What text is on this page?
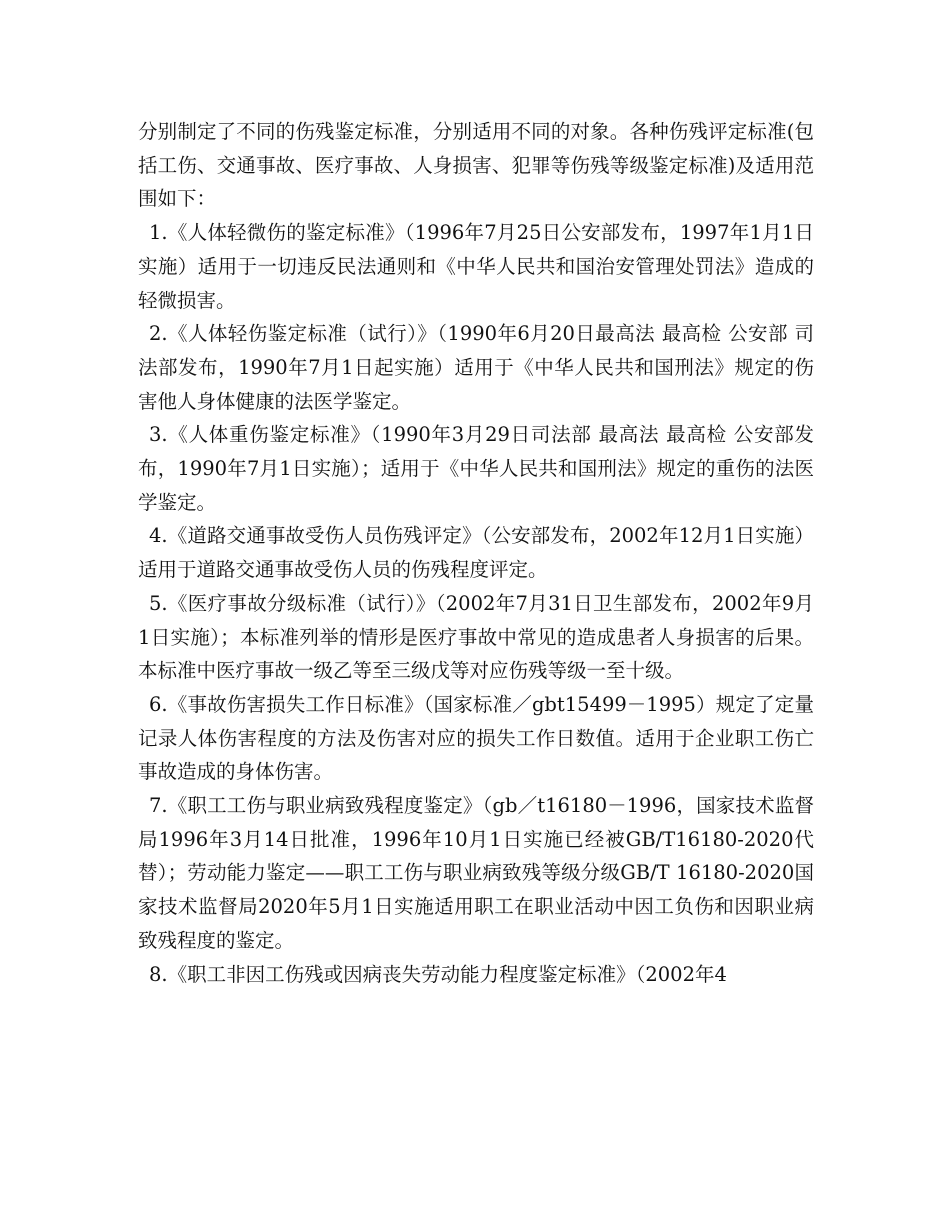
分别制定了不同的伤残鉴定标准，分别适用不同的对象。各种伤残评定标准(包括工伤、交通事故、医疗事故、人身损害、犯罪等伤残等级鉴定标准)及适用范围如下：

1.《人体轻微伤的鉴定标准》（1996年7月25日公安部发布，1997年1月1日实施）适用于一切违反民法通则和《中华人民共和国治安管理处罚法》造成的轻微损害。

2.《人体轻伤鉴定标准（试行）》（1990年6月20日最高法 最高检 公安部 司法部发布，1990年7月1日起实施）适用于《中华人民共和国刑法》规定的伤害他人身体健康的法医学鉴定。

3.《人体重伤鉴定标准》（1990年3月29日司法部 最高法 最高检 公安部发布，1990年7月1日实施）；适用于《中华人民共和国刑法》规定的重伤的法医学鉴定。

4.《道路交通事故受伤人员伤残评定》（公安部发布，2002年12月1日实施）适用于道路交通事故受伤人员的伤残程度评定。

5.《医疗事故分级标准（试行）》（2002年7月31日卫生部发布，2002年9月1日实施）；本标准列举的情形是医疗事故中常见的造成患者人身损害的后果。本标准中医疗事故一级乙等至三级戊等对应伤残等级一至十级。

6.《事故伤害损失工作日标准》（国家标准／gbt15499－1995）规定了定量记录人体伤害程度的方法及伤害对应的损失工作日数值。适用于企业职工伤亡事故造成的身体伤害。

7.《职工工伤与职业病致残程度鉴定》（gb／t16180－1996，国家技术监督局1996年3月14日批准，1996年10月1日实施已经被GB/T16180-2020代替）；劳动能力鉴定——职工工伤与职业病致残等级分级GB/T 16180-2020国家技术监督局2020年5月1日实施适用职工在职业活动中因工负伤和因职业病致残程度的鉴定。

8.《职工非因工伤残或因病丧失劳动能力程度鉴定标准》（2002年4
